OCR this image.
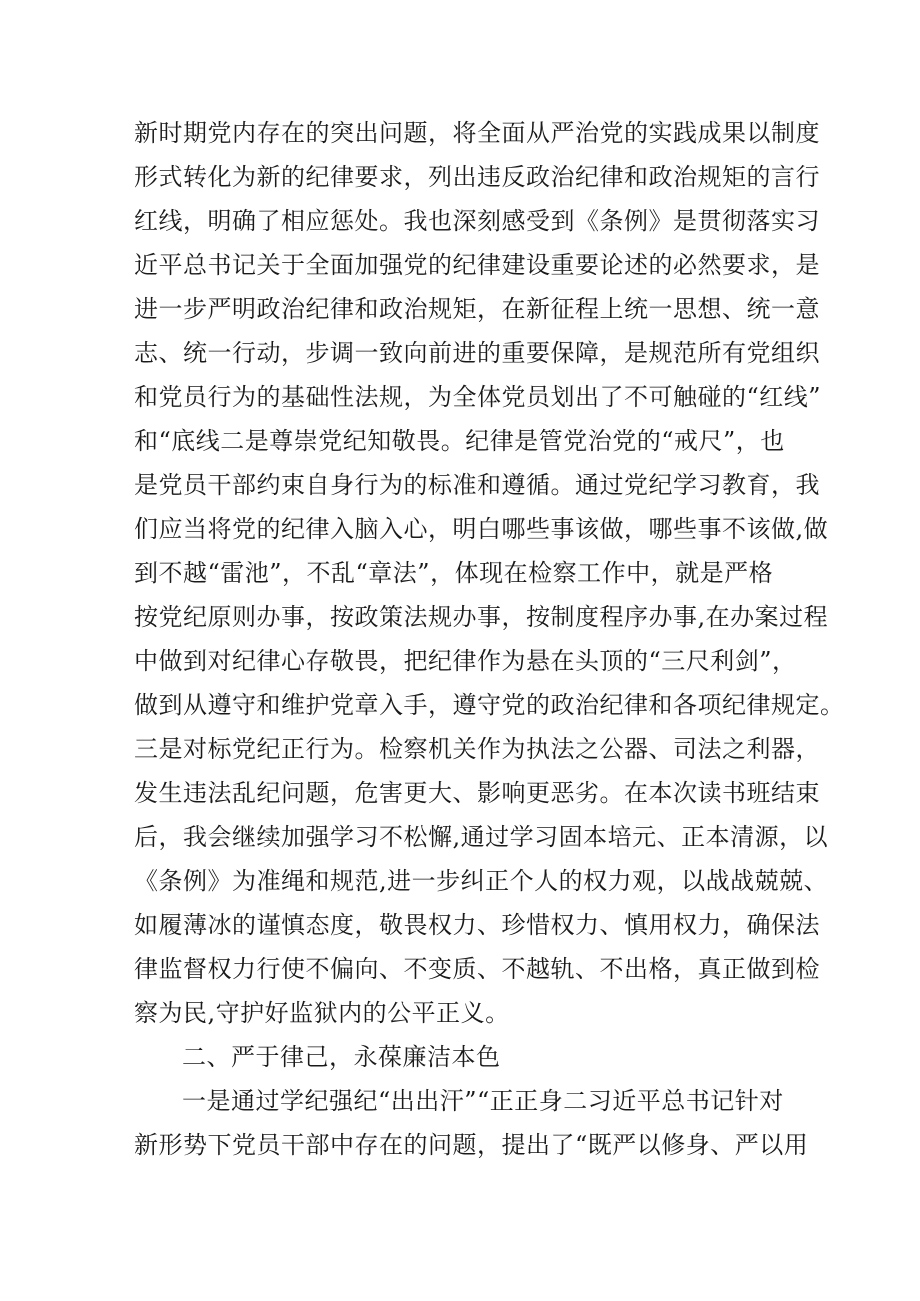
新时期党内存在的突出问题，将全面从严治党的实践成果以制度
形式转化为新的纪律要求，列出违反政治纪律和政治规矩的言行
红线，明确了相应惩处。我也深刻感受到《条例》是贯彻落实习
近平总书记关于全面加强党的纪律建设重要论述的必然要求，是
进一步严明政治纪律和政治规矩，在新征程上统一思想、统一意
志、统一行动，步调一致向前进的重要保障，是规范所有党组织
和党员行为的基础性法规，为全体党员划出了不可触碰的“红线”
和“底线二是尊崇党纪知敬畏。纪律是管党治党的“戒尺”，也
是党员干部约束自身行为的标准和遵循。通过党纪学习教育，我
们应当将党的纪律入脑入心，明白哪些事该做，哪些事不该做,做
到不越“雷池”，不乱“章法”，体现在检察工作中，就是严格
按党纪原则办事，按政策法规办事，按制度程序办事,在办案过程
中做到对纪律心存敬畏，把纪律作为悬在头顶的“三尺利剑”，
做到从遵守和维护党章入手，遵守党的政治纪律和各项纪律规定。
三是对标党纪正行为。检察机关作为执法之公器、司法之利器，
发生违法乱纪问题，危害更大、影响更恶劣。在本次读书班结束
后，我会继续加强学习不松懈,通过学习固本培元、正本清源，以
《条例》为准绳和规范,进一步纠正个人的权力观，以战战兢兢、
如履薄冰的谨慎态度，敬畏权力、珍惜权力、慎用权力，确保法
律监督权力行使不偏向、不变质、不越轨、不出格，真正做到检
察为民,守护好监狱内的公平正义。
二、严于律己，永葆廉洁本色
一是通过学纪强纪“出出汗”“正正身二习近平总书记针对
新形势下党员干部中存在的问题，提出了“既严以修身、严以用
